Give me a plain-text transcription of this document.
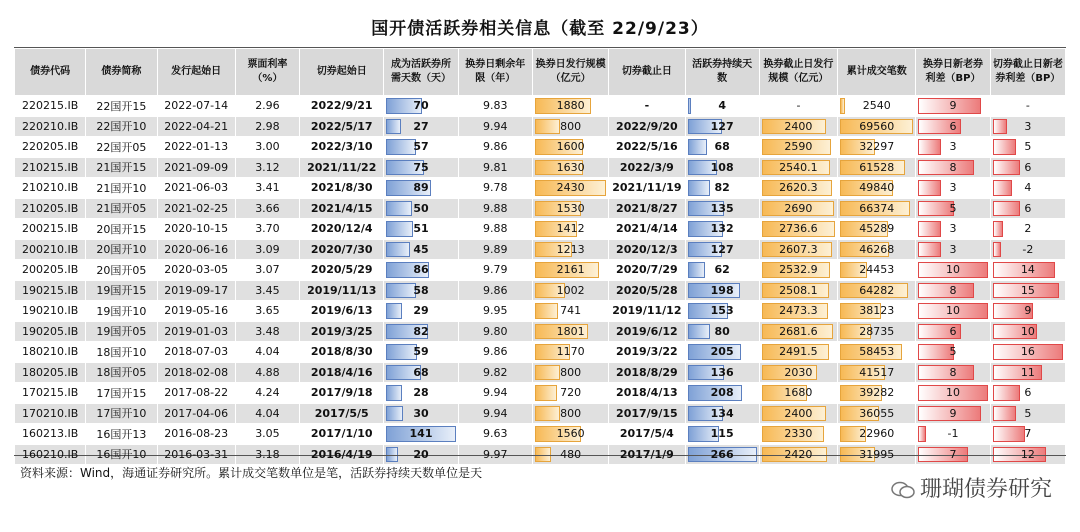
国开债活跃券相关信息（截至 22/9/23）
债券代码	债券简称	发行起始日	票面利率（%）	切券起始日	成为活跃券所需天数（天）	换券日剩余年限（年）	换券日发行规模（亿元）	切券截止日	活跃券持续天数	换券截止日发行规模（亿元）	累计成交笔数	换券日新老券利差（BP）	切券截止日新老券利差（BP）
220215.IB	22国开15	2022-07-14	2.96	2022/9/21	70	9.83	1880	-	4	-	2540	9	-
220210.IB	22国开10	2022-04-21	2.98	2022/5/17	27	9.94	800	2022/9/20	127	2400	69560	6	3
220205.IB	22国开05	2022-01-13	3.00	2022/3/10	57	9.86	1600	2022/5/16	68	2590	32297	3	5
210215.IB	21国开15	2021-09-09	3.12	2021/11/22	75	9.81	1630	2022/3/9	108	2540.1	61528	8	6
210210.IB	21国开10	2021-06-03	3.41	2021/8/30	89	9.78	2430	2021/11/19	82	2620.3	49840	3	4
210205.IB	21国开05	2021-02-25	3.66	2021/4/15	50	9.88	1530	2021/8/27	135	2690	66374	5	6
200215.IB	20国开15	2020-10-15	3.70	2020/12/4	51	9.88	1412	2021/4/14	132	2736.6	45289	3	2
200210.IB	20国开10	2020-06-16	3.09	2020/7/30	45	9.89	1213	2020/12/3	127	2607.3	46268	3	-2
200205.IB	20国开05	2020-03-05	3.07	2020/5/29	86	9.79	2161	2020/7/29	62	2532.9	24453	10	14
190215.IB	19国开15	2019-09-17	3.45	2019/11/13	58	9.86	1002	2020/5/28	198	2508.1	64282	8	15
190210.IB	19国开10	2019-05-16	3.65	2019/6/13	29	9.95	741	2019/11/12	153	2473.3	38123	10	9
190205.IB	19国开05	2019-01-03	3.48	2019/3/25	82	9.80	1801	2019/6/12	80	2681.6	28735	6	10
180210.IB	18国开10	2018-07-03	4.04	2018/8/30	59	9.86	1170	2019/3/22	205	2491.5	58453	5	16
180205.IB	18国开05	2018-02-08	4.88	2018/4/16	68	9.82	800	2018/8/29	136	2030	41517	8	11
170215.IB	17国开15	2017-08-22	4.24	2017/9/18	28	9.94	720	2018/4/13	208	1680	39282	10	6
170210.IB	17国开10	2017-04-06	4.04	2017/5/5	30	9.94	800	2017/9/15	134	2400	36055	9	5
160213.IB	16国开13	2016-08-23	3.05	2017/1/10	141	9.63	1560	2017/5/4	115	2330	22960	-1	7
160210.IB	16国开10	2016-03-31	3.18	2016/4/19	20	9.97	480	2017/1/9	266	2420	31995	7	12
资料来源：Wind，海通证券研究所。累计成交笔数单位是笔，活跃券持续天数单位是天
珊瑚债券研究
